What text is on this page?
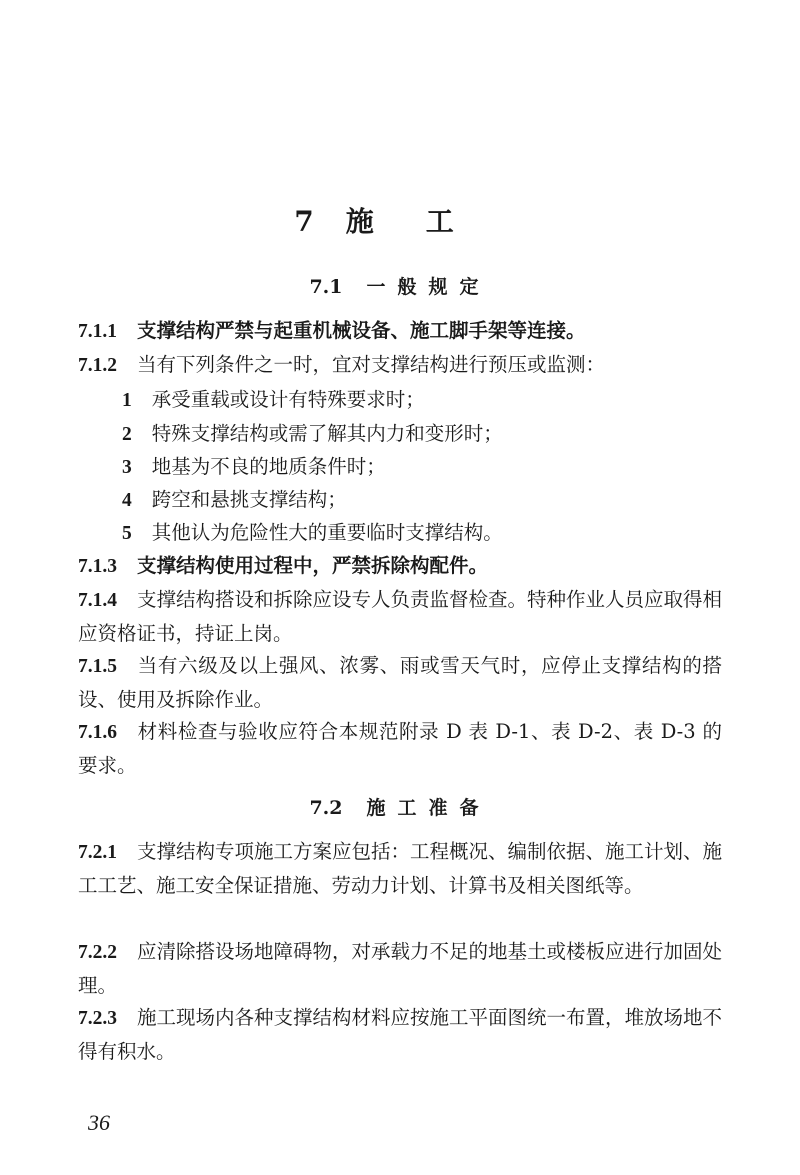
7 施工
7.1 一般规定
7.1.1 支撑结构严禁与起重机械设备、施工脚手架等连接。
7.1.2 当有下列条件之一时，宜对支撑结构进行预压或监测：
1 承受重载或设计有特殊要求时；
2 特殊支撑结构或需了解其内力和变形时；
3 地基为不良的地质条件时；
4 跨空和悬挑支撑结构；
5 其他认为危险性大的重要临时支撑结构。
7.1.3 支撑结构使用过程中，严禁拆除构配件。
7.1.4 支撑结构搭设和拆除应设专人负责监督检查。特种作业人员应取得相应资格证书，持证上岗。
7.1.5 当有六级及以上强风、浓雾、雨或雪天气时，应停止支撑结构的搭设、使用及拆除作业。
7.1.6 材料检查与验收应符合本规范附录 D 表 D-1、表 D-2、表 D-3 的要求。
7.2 施工准备
7.2.1 支撑结构专项施工方案应包括：工程概况、编制依据、施工计划、施工工艺、施工安全保证措施、劳动力计划、计算书及相关图纸等。
7.2.2 应清除搭设场地障碍物，对承载力不足的地基土或楼板应进行加固处理。
7.2.3 施工现场内各种支撑结构材料应按施工平面图统一布置，堆放场地不得有积水。
36
